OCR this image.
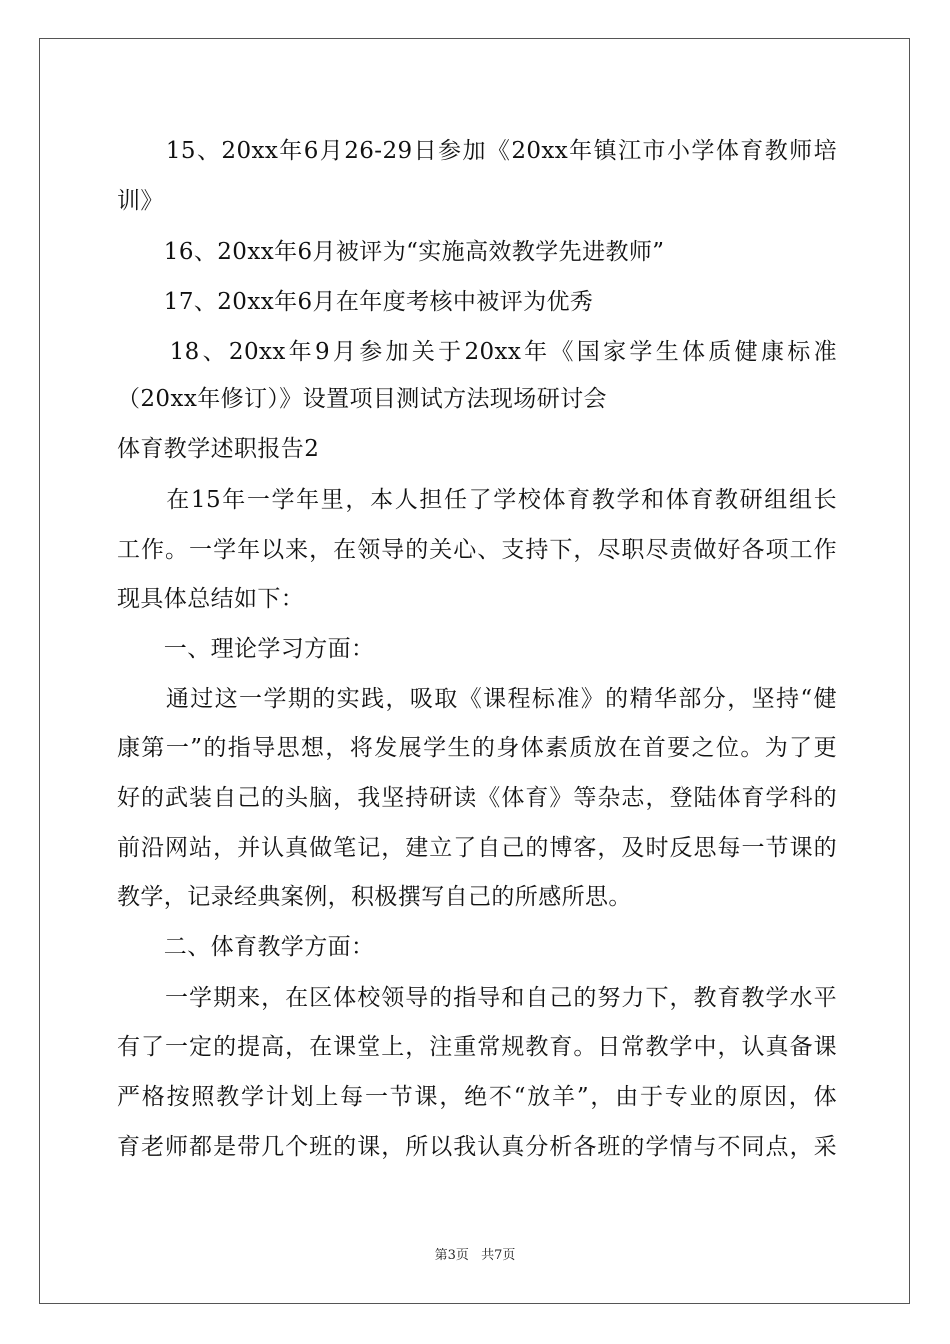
　　15、20xx年6月26-29日参加《20xx年镇江市小学体育教师培
训》
　　16、20xx年6月被评为“实施高效教学先进教师”
　　17、20xx年6月在年度考核中被评为优秀
　　18、20xx年9月参加关于20xx年《国家学生体质健康标准
（20xx年修订）》设置项目测试方法现场研讨会
体育教学述职报告2
　　在15年一学年里，本人担任了学校体育教学和体育教研组组长
工作。一学年以来，在领导的关心、支持下，尽职尽责做好各项工作
现具体总结如下：
　　一、理论学习方面：
　　通过这一学期的实践，吸取《课程标准》的精华部分，坚持“健
康第一”的指导思想，将发展学生的身体素质放在首要之位。为了更
好的武装自己的头脑，我坚持研读《体育》等杂志，登陆体育学科的
前沿网站，并认真做笔记，建立了自己的博客，及时反思每一节课的
教学，记录经典案例，积极撰写自己的所感所思。
　　二、体育教学方面：
　　一学期来，在区体校领导的指导和自己的努力下，教育教学水平
有了一定的提高，在课堂上，注重常规教育。日常教学中，认真备课
严格按照教学计划上每一节课，绝不“放羊”，由于专业的原因，体
育老师都是带几个班的课，所以我认真分析各班的学情与不同点，采
第3页 共7页
